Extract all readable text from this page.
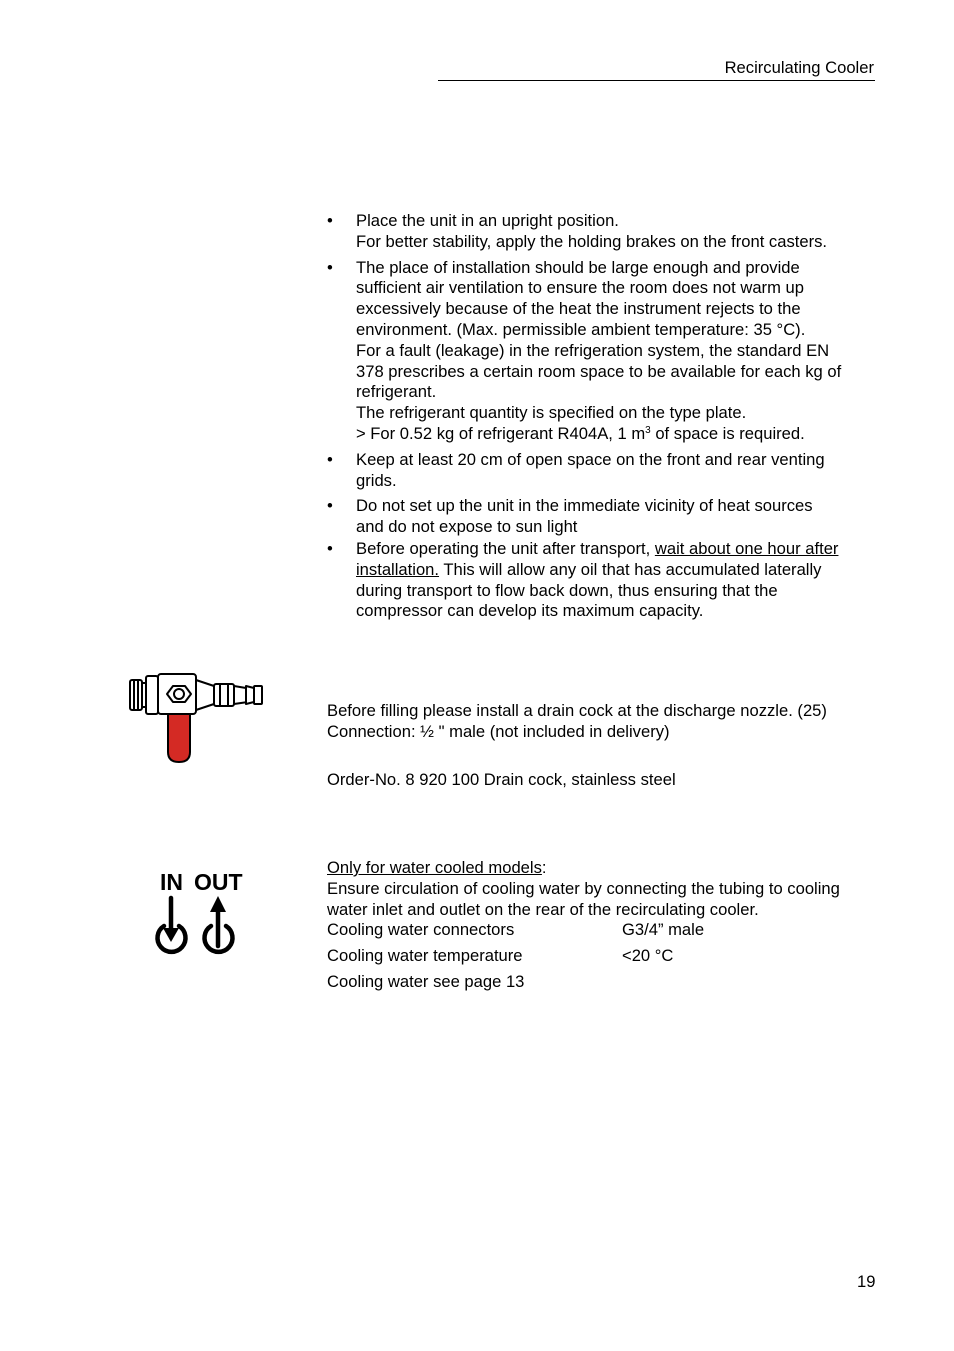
Recirculating Cooler
• Place the unit in an upright position.
For better stability, apply the holding brakes on the front casters.
• The place of installation should be large enough and provide
sufficient air ventilation to ensure the room does not warm up
excessively because of the heat the instrument rejects to the
environment. (Max. permissible ambient temperature: 35 °C).
For a fault (leakage) in the refrigeration system, the standard EN
378 prescribes a certain room space to be available for each kg of
refrigerant.
The refrigerant quantity is specified on the type plate.
> For 0.52 kg of refrigerant R404A, 1 $m^3$ of space is required.
• Keep at least 20 cm of open space on the front and rear venting
grids.
• Do not set up the unit in the immediate vicinity of heat sources
and do not expose to sun light
• Before operating the unit after transport, wait about one hour after
installation. This will allow any oil that has accumulated laterally
during transport to flow back down, thus ensuring that the
compressor can develop its maximum capacity.
Before filling please install a drain cock at the discharge nozzle. (25)
Connection: ½ " male (not included in delivery)
Order-No. 8 920 100 Drain cock, stainless steel
IN OUT
Only for water cooled models:
Ensure circulation of cooling water by connecting the tubing to cooling
water inlet and outlet on the rear of the recirculating cooler.
Cooling water connectors	G3/4” male
Cooling water temperature	<20 °C
Cooling water see page 13
19
